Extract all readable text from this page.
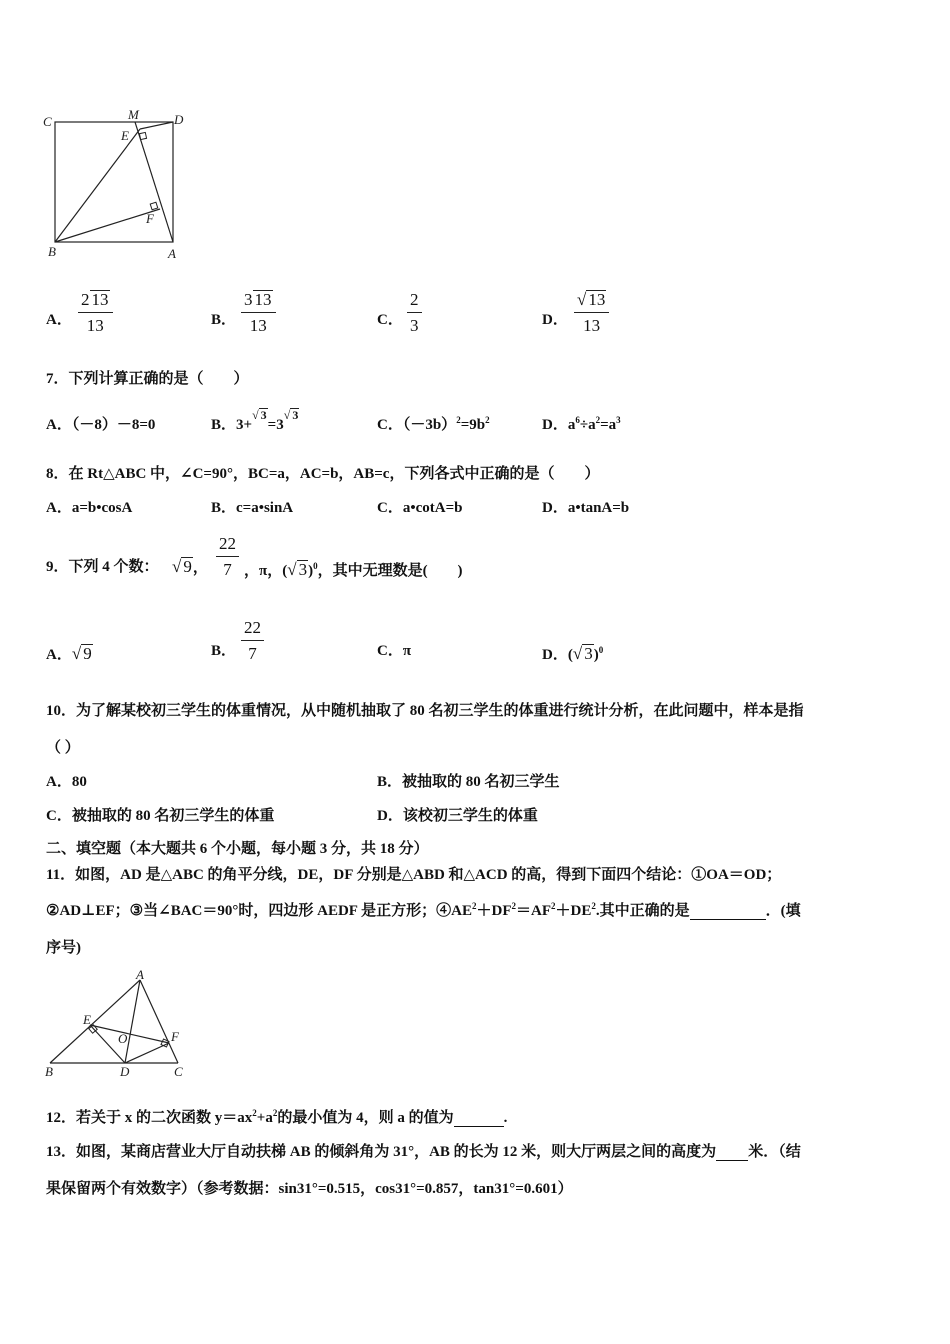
C	M	D
E
F
B	A
A．
2 13
13	B．
3 13
13	C．
2
3	D．
√ 13
13
7．下列计算正确的是（　　）
A．（－8）－8=0	B．$3+^{√ 3}=3^{√ 3}$
C．$(-3b)^2=9b^2$	D．$a^6\div a^2=a^3$
8．在 Rt△ABC 中，∠C=90°，BC=a，AC=b，AB=c，下列各式中正确的是（　　）
A．a=b•cosA	B．c=a•sinA	C．a•cotA=b	D．a•tanA=b
9．下列 4 个数： √ 9，
22
7 ，π，(√ 3)$^0$，其中无理数是(　　)
A．√ 9	B．
22
7	C．π	D．(√ 3)$^0$
10．为了解某校初三学生的体重情况，从中随机抽取了 80 名初三学生的体重进行统计分析，在此问题中，样本是指
（ ）
A．80	B．被抽取的 80 名初三学生
C．被抽取的 80 名初三学生的体重	D．该校初三学生的体重
二、填空题（本大题共 6 个小题，每小题 3 分，共 18 分）
11．如图，AD 是△ABC 的角平分线，DE，DF 分别是△ABD 和△ACD 的高，得到下面四个结论：①OA＝OD；
②AD⊥EF；③当∠BAC＝90°时，四边形 AEDF 是正方形；$④AE^2+DF^2=AF^2+DE^2$.其中正确的是	．(填
序号)
A
E
O	F
B	D	C
12．若关于 x 的二次函数 $y=ax^2+a^2$的最小值为 4，则 a 的值为	.
13．如图，某商店营业大厅自动扶梯 AB 的倾斜角为 31°，AB 的长为 12 米，则大厅两层之间的高度为 米．（结
果保留两个有效数字）（参考数据：sin31°=0.515，cos31°=0.857，tan31°=0.601）
